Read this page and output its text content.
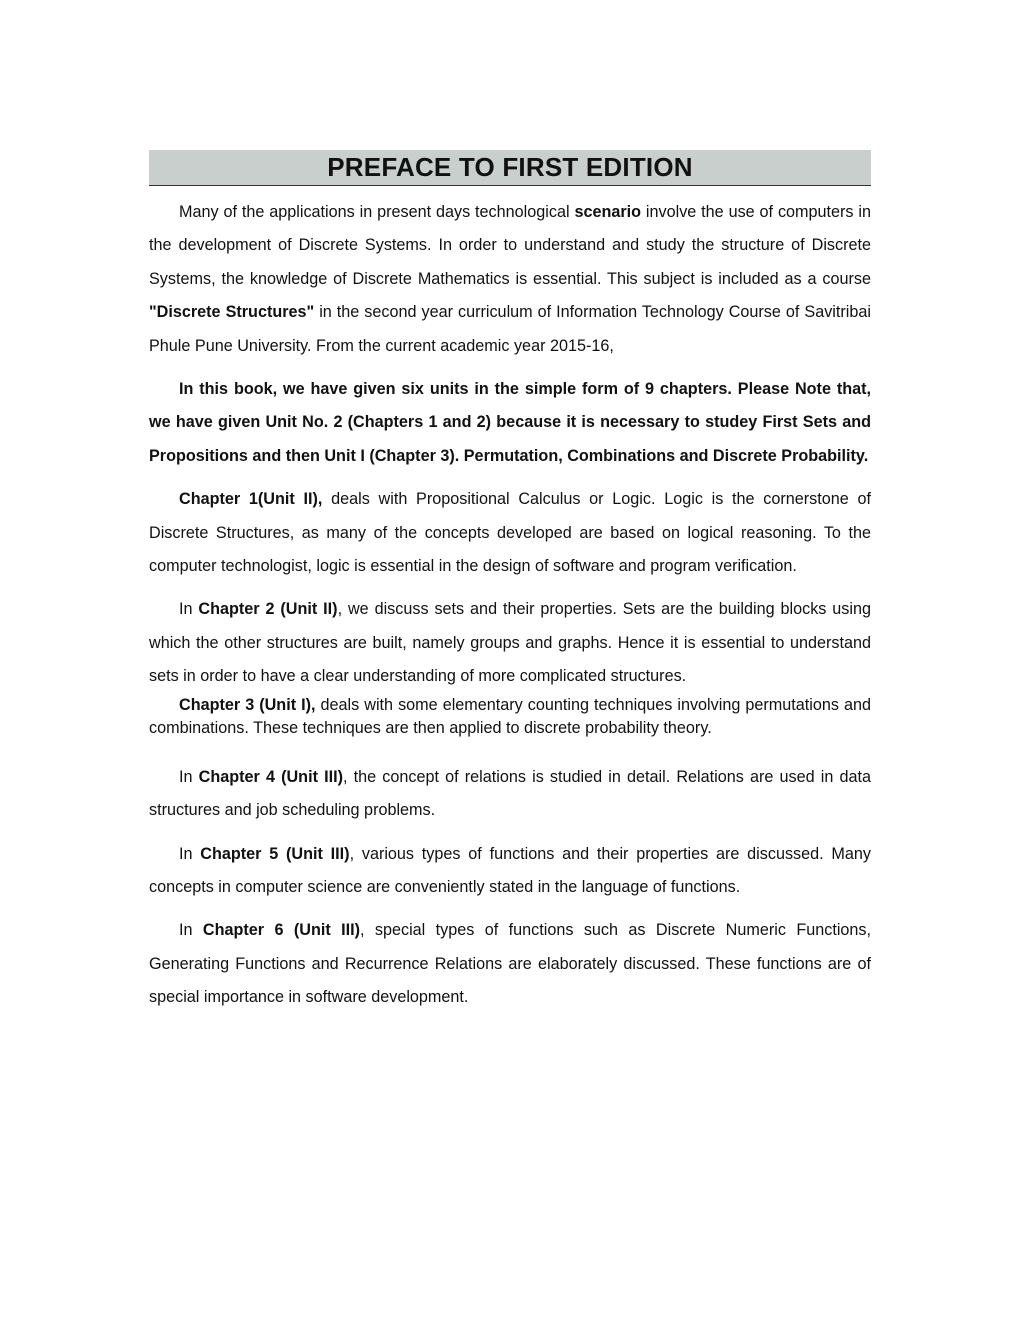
PREFACE TO FIRST EDITION

Many of the applications in present days technological scenario involve the use of computers in the development of Discrete Systems. In order to understand and study the structure of Discrete Systems, the knowledge of Discrete Mathematics is essential. This subject is included as a course "Discrete Structures" in the second year curriculum of Information Technology Course of Savitribai Phule Pune University. From the current academic year 2015-16,

In this book, we have given six units in the simple form of 9 chapters. Please Note that, we have given Unit No. 2 (Chapters 1 and 2) because it is necessary to studey First Sets and Propositions and then Unit I (Chapter 3). Permutation, Combinations and Discrete Probability.

Chapter 1(Unit II), deals with Propositional Calculus or Logic. Logic is the cornerstone of Discrete Structures, as many of the concepts developed are based on logical reasoning. To the computer technologist, logic is essential in the design of software and program verification.

In Chapter 2 (Unit II), we discuss sets and their properties. Sets are the building blocks using which the other structures are built, namely groups and graphs. Hence it is essential to understand sets in order to have a clear understanding of more complicated structures.

Chapter 3 (Unit I), deals with some elementary counting techniques involving permutations and combinations. These techniques are then applied to discrete probability theory.

In Chapter 4 (Unit III), the concept of relations is studied in detail. Relations are used in data structures and job scheduling problems.

In Chapter 5 (Unit III), various types of functions and their properties are discussed. Many concepts in computer science are conveniently stated in the language of functions.

In Chapter 6 (Unit III), special types of functions such as Discrete Numeric Functions, Generating Functions and Recurrence Relations are elaborately discussed. These functions are of special importance in software development.
